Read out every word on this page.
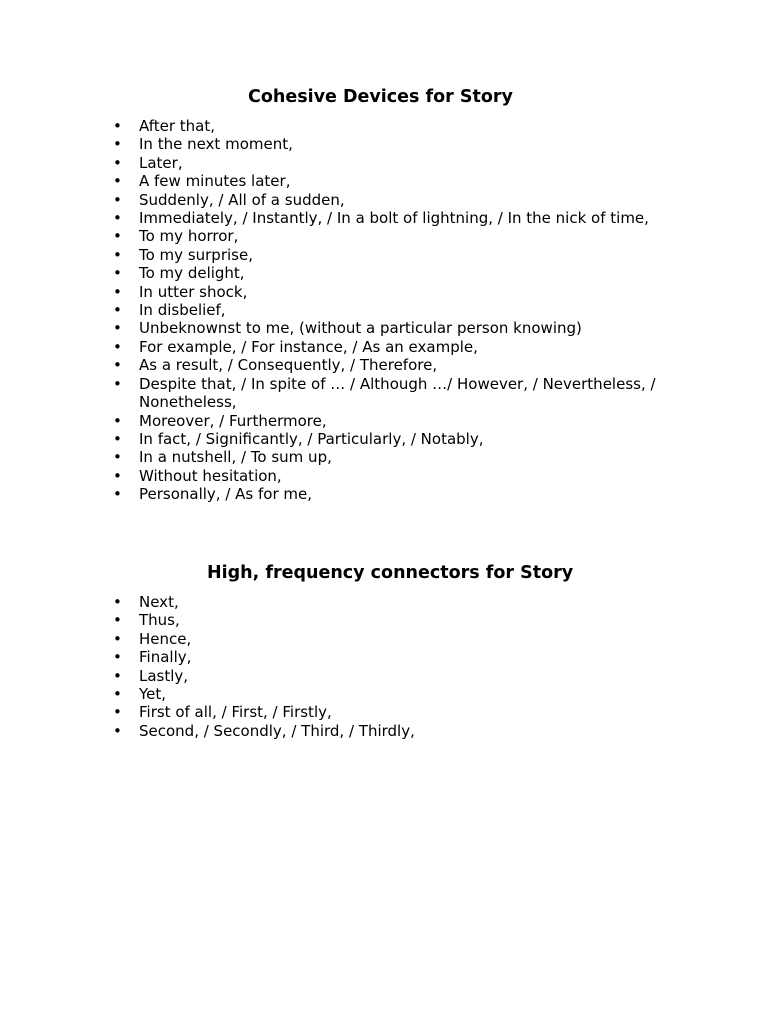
Cohesive Devices for Story
• After that,
• In the next moment,
• Later,
• A few minutes later,
• Suddenly, / All of a sudden,
• Immediately, / Instantly, / In a bolt of lightning, / In the nick of time,
• To my horror,
• To my surprise,
• To my delight,
• In utter shock,
• In disbelief,
• Unbeknownst to me, (without a particular person knowing)
• For example, / For instance, / As an example,
• As a result, / Consequently, / Therefore,
• Despite that, / In spite of … / Although …/ However, / Nevertheless, / Nonetheless,
• Moreover, / Furthermore,
• In fact, / Significantly, / Particularly, / Notably,
• In a nutshell, / To sum up,
• Without hesitation,
• Personally, / As for me,
High, frequency connectors for Story
• Next,
• Thus,
• Hence,
• Finally,
• Lastly,
• Yet,
• First of all, / First, / Firstly,
• Second, / Secondly, / Third, / Thirdly,
